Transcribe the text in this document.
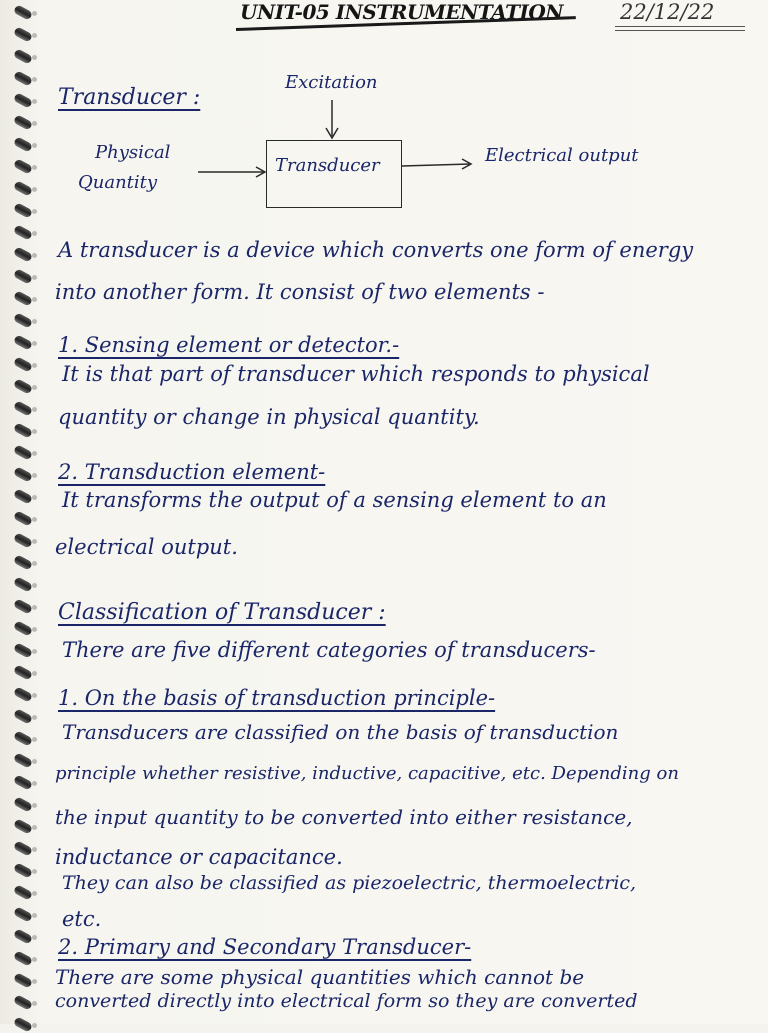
UNIT-05 INSTRUMENTATION	22/12/22
Transducer :
Excitation
Physical
Quantity
Transducer	Electrical output
A transducer is a device which converts one form of energy
into another form. It consist of two elements -
1. Sensing element or detector.-
It is that part of transducer which responds to physical
quantity or change in physical quantity.
2. Transduction element-
It transforms the output of a sensing element to an
electrical output.
Classification of Transducer :
There are five different categories of transducers-
1. On the basis of transduction principle-
Transducers are classified on the basis of transduction
principle whether resistive, inductive, capacitive, etc. Depending on
the input quantity to be converted into either resistance,
inductance or capacitance.
They can also be classified as piezoelectric, thermoelectric,
etc.
2. Primary and Secondary Transducer-
There are some physical quantities which cannot be
converted directly into electrical form so they are converted
